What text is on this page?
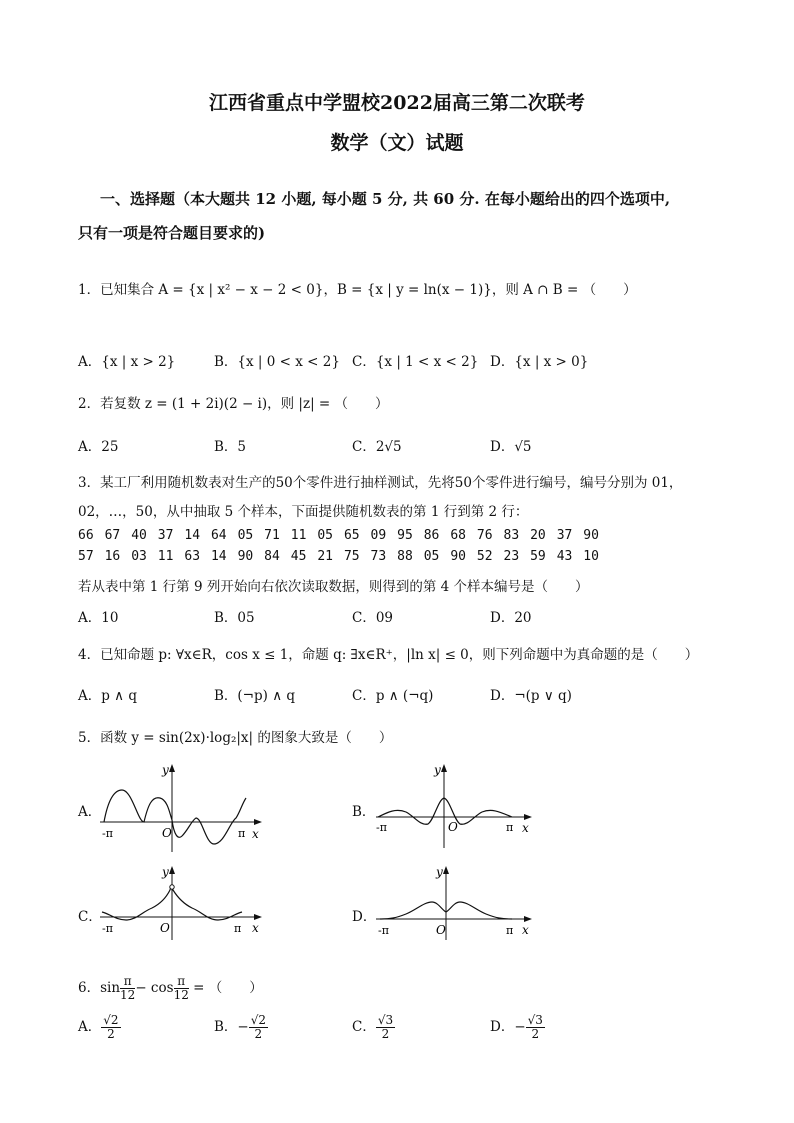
江西省重点中学盟校2022届高三第二次联考
数学（文）试题
一、选择题（本大题共 12 小题, 每小题 5 分, 共 60 分. 在每小题给出的四个选项中,
只有一项是符合题目要求的)
1．已知集合 A = {x | x² − x − 2 < 0}，B = {x | y = ln(x − 1)}，则 A ∩ B = （　　）
A．{x | x > 2}	B．{x | 0 < x < 2} C．{x | 1 < x < 2} D．{x | x > 0}
2．若复数 z = (1 + 2i)(2 − i)，则 |z| = （　　）
A．25	B．5	C．2√5	D．√5
3．某工厂利用随机数表对生产的50个零件进行抽样测试，先将50个零件进行编号，编号分别为 01，
02，…，50，从中抽取 5 个样本，下面提供随机数表的第 1 行到第 2 行：
66 67 40 37 14 64 05 71 11 05 65 09 95 86 68 76 83 20 37 90
57 16 03 11 63 14 90 84 45 21 75 73 88 05 90 52 23 59 43 10
若从表中第 1 行第 9 列开始向右依次读取数据，则得到的第 4 个样本编号是（　　）
A．10	B．05	C．09	D．20
4．已知命题 p: ∀x∈R，cos x ≤ 1，命题 q: ∃x∈R⁺，|ln x| ≤ 0，则下列命题中为真命题的是（　　）
A．p ∧ q	B．(¬p) ∧ q	C．p ∧ (¬q)	D．¬(p ∨ q)
5．函数 y = sin(2x)·log₂|x| 的图象大致是（　　）
A．
y
x
O
-π	π
B．
y
x
O
-π	π
C．
y
x
O
-π	π
D．
y
x
O
-π	π
6．$\sin \frac{\pi}{12} - \cos \frac{\pi}{12}$ = （　　）
A． $\frac{√2}{2}$	B．− $\frac{√2}{2}$	C． $\frac{√3}{2}$	D．− $\frac{√3}{2}$
